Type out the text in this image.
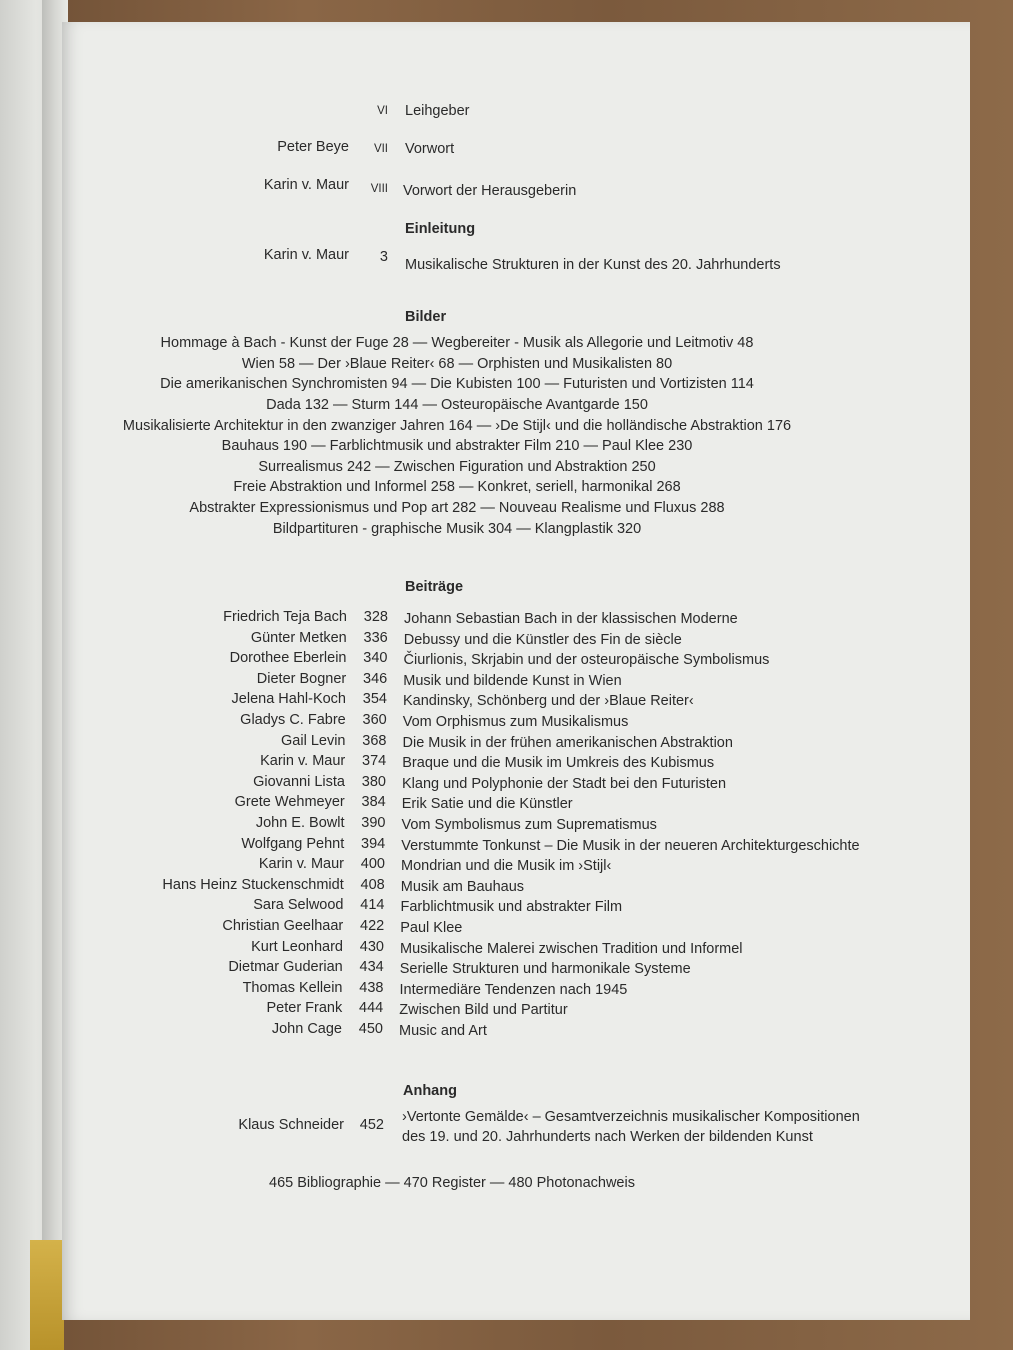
VI Leihgeber
Peter Beye VII Vorwort
Karin v. Maur VIII Vorwort der Herausgeberin
Einleitung
Karin v. Maur 3 Musikalische Strukturen in der Kunst des 20. Jahrhunderts
Bilder
Hommage à Bach - Kunst der Fuge 28 — Wegbereiter - Musik als Allegorie und Leitmotiv 48
Wien 58 — Der ›Blaue Reiter‹ 68 — Orphisten und Musikalisten 80
Die amerikanischen Synchromisten 94 — Die Kubisten 100 — Futuristen und Vortizisten 114
Dada 132 — Sturm 144 — Osteuropäische Avantgarde 150
Musikalisierte Architektur in den zwanziger Jahren 164 — ›De Stijl‹ und die holländische Abstraktion 176
Bauhaus 190 — Farblichtmusik und abstrakter Film 210 — Paul Klee 230
Surrealismus 242 — Zwischen Figuration und Abstraktion 250
Freie Abstraktion und Informel 258 — Konkret, seriell, harmonikal 268
Abstrakter Expressionismus und Pop art 282 — Nouveau Realisme und Fluxus 288
Bildpartituren - graphische Musik 304 — Klangplastik 320
Beiträge
Friedrich Teja Bach 328 Johann Sebastian Bach in der klassischen Moderne
Günter Metken 336 Debussy und die Künstler des Fin de siècle
Dorothee Eberlein 340 Čiurlionis, Skrjabin und der osteuropäische Symbolismus
Dieter Bogner 346 Musik und bildende Kunst in Wien
Jelena Hahl-Koch 354 Kandinsky, Schönberg und der ›Blaue Reiter‹
Gladys C. Fabre 360 Vom Orphismus zum Musikalismus
Gail Levin 368 Die Musik in der frühen amerikanischen Abstraktion
Karin v. Maur 374 Braque und die Musik im Umkreis des Kubismus
Giovanni Lista 380 Klang und Polyphonie der Stadt bei den Futuristen
Grete Wehmeyer 384 Erik Satie und die Künstler
John E. Bowlt 390 Vom Symbolismus zum Suprematismus
Wolfgang Pehnt 394 Verstummte Tonkunst – Die Musik in der neueren Architekturgeschichte
Karin v. Maur 400 Mondrian und die Musik im ›Stijl‹
Hans Heinz Stuckenschmidt 408 Musik am Bauhaus
Sara Selwood 414 Farblichtmusik und abstrakter Film
Christian Geelhaar 422 Paul Klee
Kurt Leonhard 430 Musikalische Malerei zwischen Tradition und Informel
Dietmar Guderian 434 Serielle Strukturen und harmonikale Systeme
Thomas Kellein 438 Intermediäre Tendenzen nach 1945
Peter Frank 444 Zwischen Bild und Partitur
John Cage 450 Music and Art
Anhang
Klaus Schneider 452 ›Vertonte Gemälde‹ – Gesamtverzeichnis musikalischer Kompositionen
des 19. und 20. Jahrhunderts nach Werken der bildenden Kunst
465 Bibliographie — 470 Register — 480 Photonachweis
